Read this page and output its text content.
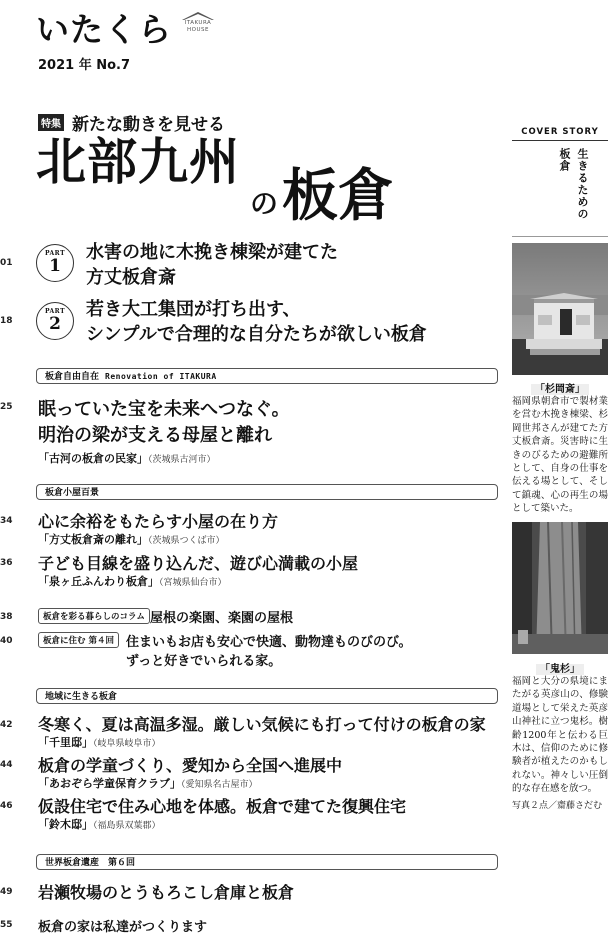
いたくら	ITAKURA
HOUSE
2021 年 No.7
特集 新たな動きを見せる
北部九州
の 板倉
01
PART
1
水害の地に木挽き棟梁が建てた
方丈板倉斎
18
PART
2
若き大工集団が打ち出す、
シンプルで合理的な自分たちが欲しい板倉
板倉自由自在 Renovation of ITAKURA
25 眠っていた宝を未来へつなぐ。
明治の梁が支える母屋と離れ
「古河の板倉の民家」（茨城県古河市）
板倉小屋百景
34 心に余裕をもたらす小屋の在り方
「方丈板倉斎の離れ」（茨城県つくば市）
36 子ども目線を盛り込んだ、遊び心満載の小屋
「泉ヶ丘ふんわり板倉」（宮城県仙台市）
38	板倉を彩る暮らしのコラム 屋根の楽園、楽園の屋根
40	板倉に住む 第４回 住まいもお店も安心で快適、動物達ものびのび。
ずっと好きでいられる家。
地域に生きる板倉
42 冬寒く、夏は高温多湿。厳しい気候にも打って付けの板倉の家
「千里邸」（岐阜県岐阜市）
44 板倉の学童づくり、愛知から全国へ進展中
「あおぞら学童保育クラブ」（愛知県名古屋市）
46 仮設住宅で住み心地を体感。板倉で建てた復興住宅
「鈴木邸」（福島県双葉郡）
世界板倉遺産　第６回
49 岩瀬牧場のとうもろこし倉庫と板倉
55 板倉の家は私達がつくります
COVER STORY
生きるための
板倉
「杉岡斎」
福岡県朝倉市で製材業を営む木挽き棟梁、杉岡世邦さんが建てた方丈板倉斎。災害時に生きのびるための避難所として、自身の仕事を伝える場として、そして鎮魂、心の再生の場として築いた。
「鬼杉」
福岡と大分の県境にまたがる英彦山の、修験道場として栄えた英彦山神社に立つ鬼杉。樹齢1200年と伝わる巨木は、信仰のために修験者が植えたのかもしれない。神々しい圧倒的な存在感を放つ。
写真２点／齋藤さだむ
